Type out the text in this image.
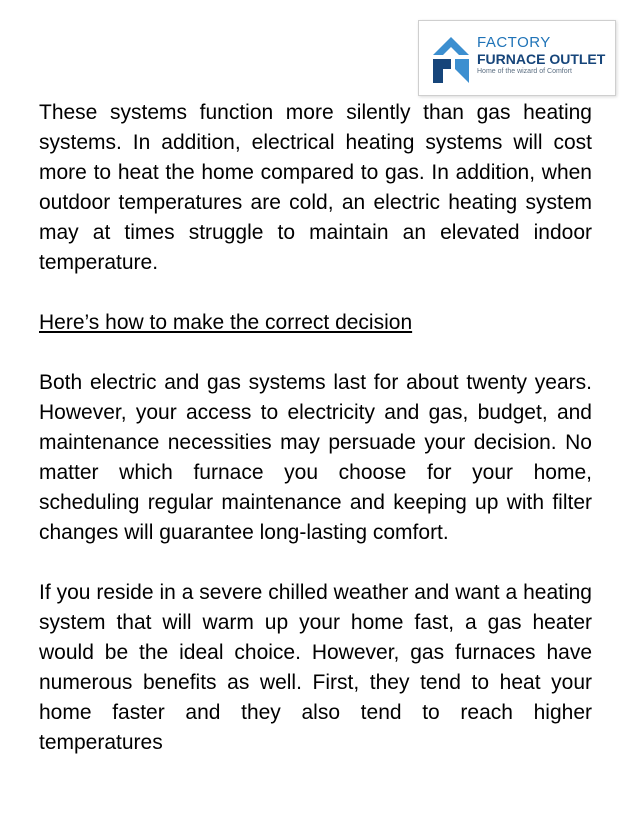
FACTORY
FURNACE OUTLET
Home of the wizard of Comfort

These systems function more silently than gas heating systems. In addition, electrical heating systems will cost more to heat the home compared to gas. In addition, when outdoor temperatures are cold, an electric heating system may at times struggle to maintain an elevated indoor temperature.

Here’s how to make the correct decision

Both electric and gas systems last for about twenty years. However, your access to electricity and gas, budget, and maintenance necessities may persuade your decision. No matter which furnace you choose for your home, scheduling regular maintenance and keeping up with filter changes will guarantee long-lasting comfort.

If you reside in a severe chilled weather and want a heating system that will warm up your home fast, a gas heater would be the ideal choice. However, gas furnaces have numerous benefits as well. First, they tend to heat your home faster and they also tend to reach higher temperatures
